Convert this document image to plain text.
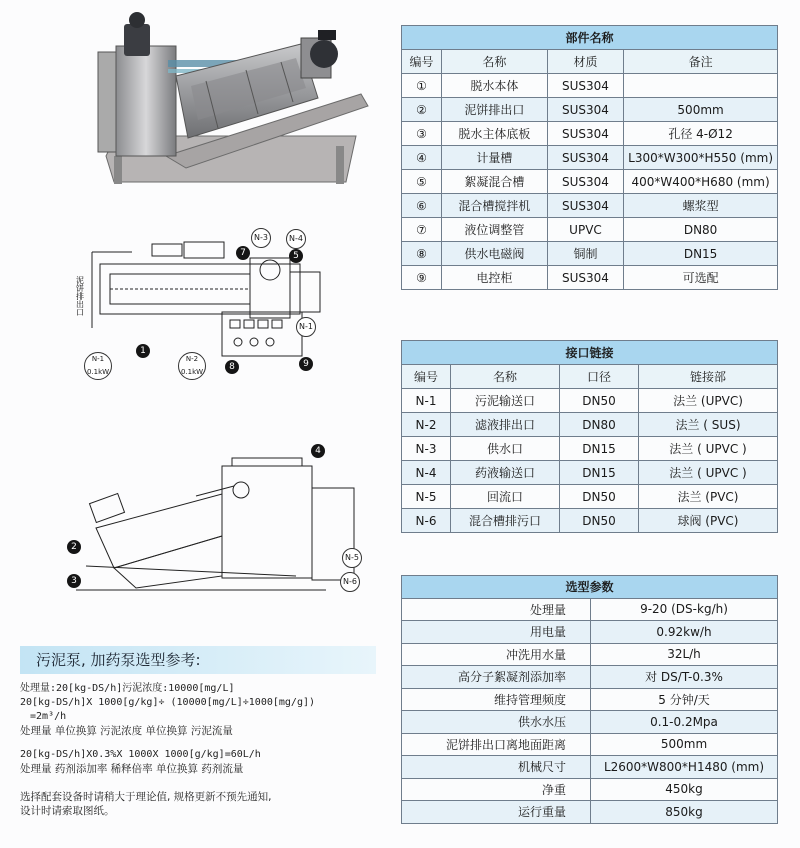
泥饼排出口
1
7	5
8	9
N-3	N-4
N-1
N-1
0.1kW
N-2
0.1kW
2
3
4
N-5
N-6
部件名称			
编号	名称	材质	备注
①	脱水本体	SUS304	
②	泥饼排出口	SUS304	500mm
③	脱水主体底板	SUS304	孔径 4-Ø12
④	计量槽	SUS304	L300*W300*H550 (mm)
⑤	絮凝混合槽	SUS304	400*W400*H680 (mm)
⑥	混合槽搅拌机	SUS304	螺浆型
⑦	液位调整管	UPVC	DN80
⑧	供水电磁阀	铜制	DN15
⑨	电控柜	SUS304	可选配
接口链接			
编号	名称	口径	链接部
N-1	污泥输送口	DN50	法兰 (UPVC)
N-2	滤液排出口	DN80	法兰 ( SUS)
N-3	供水口	DN15	法兰 ( UPVC )
N-4	药液输送口	DN15	法兰 ( UPVC )
N-5	回流口	DN50	法兰 (PVC)
N-6	混合槽排污口	DN50	球阀 (PVC)
选型参数	
处理量	9-20 (DS-kg/h)
用电量	0.92kw/h
冲洗用水量	32L/h
高分子絮凝剂添加率	对 DS/T-0.3%
维持管理频度	5 分钟/天
供水水压	0.1-0.2Mpa
泥饼排出口离地面距离	500mm
机械尺寸	L2600*W800*H1480 (mm)
净重	450kg
运行重量	850kg
污泥泵, 加药泵选型参考:
处理量:20[kg-DS/h]污泥浓度:10000[mg/L]
20[kg-DS/h]X 1000[g/kg]÷ (10000[mg/L]÷1000[mg/g])
=2m³/h
处理量 单位换算 污泥浓度 单位换算 污泥流量
20[kg-DS/h]X0.3%X 1000X 1000[g/kg]=60L/h
处理量 药剂添加率 稀释倍率 单位换算 药剂流量
选择配套设备时请稍大于理论值, 规格更新不预先通知,
设计时请索取图纸。
